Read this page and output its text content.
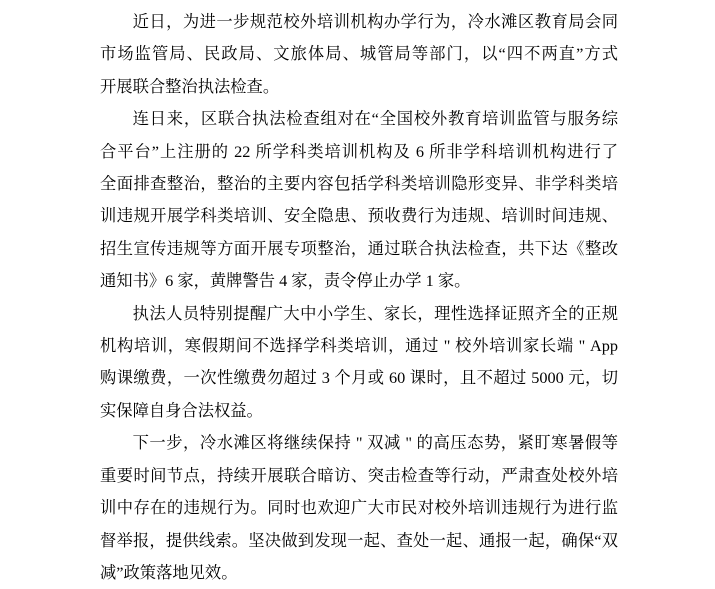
近日，为进一步规范校外培训机构办学行为，冷水滩区教育局会同
市场监管局、民政局、文旅体局、城管局等部门，以“四不两直”方式
开展联合整治执法检查。
连日来，区联合执法检查组对在“全国校外教育培训监管与服务综
合平台”上注册的 22 所学科类培训机构及 6 所非学科培训机构进行了
全面排查整治，整治的主要内容包括学科类培训隐形变异、非学科类培
训违规开展学科类培训、安全隐患、预收费行为违规、培训时间违规、
招生宣传违规等方面开展专项整治，通过联合执法检查，共下达《整改
通知书》6 家，黄牌警告 4 家，责令停止办学 1 家。
执法人员特别提醒广大中小学生、家长，理性选择证照齐全的正规
机构培训，寒假期间不选择学科类培训，通过 " 校外培训家长端 " App
购课缴费，一次性缴费勿超过 3 个月或 60 课时，且不超过 5000 元，切
实保障自身合法权益。
下一步，冷水滩区将继续保持 " 双减 " 的高压态势，紧盯寒暑假等
重要时间节点，持续开展联合暗访、突击检查等行动，严肃查处校外培
训中存在的违规行为。同时也欢迎广大市民对校外培训违规行为进行监
督举报，提供线索。坚决做到发现一起、查处一起、通报一起，确保“双
减”政策落地见效。
